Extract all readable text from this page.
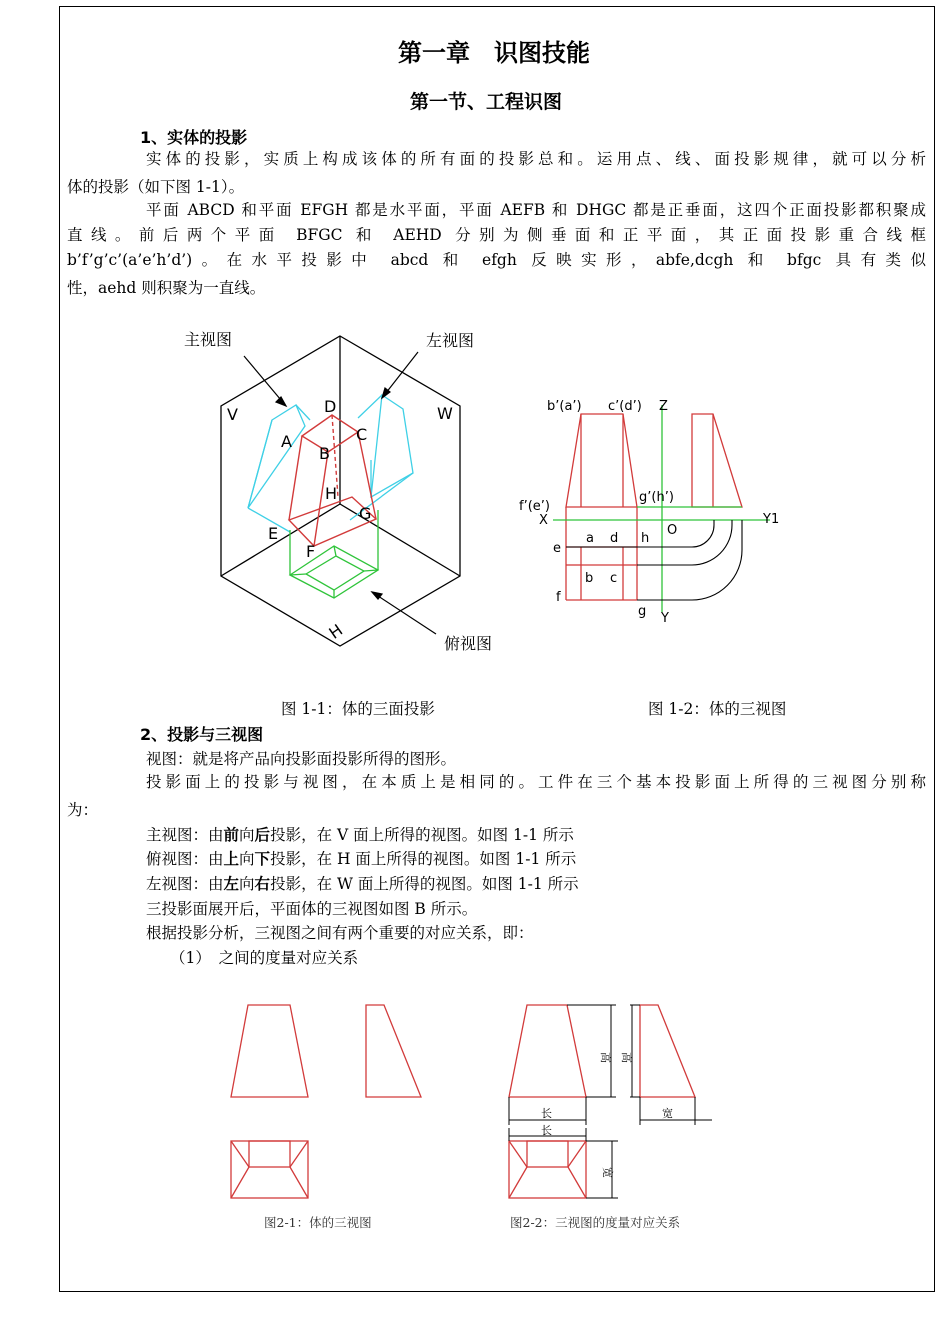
第一章　识图技能
第一节、工程识图
1、实体的投影
实体的投影，实质上构成该体的所有面的投影总和。运用点、线、面投影规律，就可以分析
体的投影（如下图 1-1）。
平面 ABCD 和平面 EFGH 都是水平面，平面 AEFB 和 DHGC 都是正垂面，这四个正面投影都积聚成
直线。前后两个平面 BFGC 和 AEHD 分别为侧垂面和正平面，其正面投影重合线框
b’f’g’c’(a’e’h’d’)。在水平投影中 abcd 和 efgh 反映实形，abfe,dcgh 和 bfgc 具有类似
性，aehd 则积聚为一直线。
主视图	左视图
俯视图
V	W
H
A
B
C
D
E
F
G
H
b’(a’) c’(d’) Z
f’(e’)
g’(h’)
X	Y1
O
e
a d h
b c
f
g Y
图 1-1：体的三面投影	图 1-2：体的三视图
2、投影与三视图
视图：就是将产品向投影面投影所得的图形。
投影面上的投影与视图，在本质上是相同的。工件在三个基本投影面上所得的三视图分别称
为：
主视图：由前向后投影，在 V 面上所得的视图。如图 1-1 所示
俯视图：由上向下投影，在 H 面上所得的视图。如图 1-1 所示
左视图：由左向右投影，在 W 面上所得的视图。如图 1-1 所示
三投影面展开后，平面体的三视图如图 B 所示。
根据投影分析，三视图之间有两个重要的对应关系，即：
（1）　之间的度量对应关系
高 高
长
长
宽
宽
图2-1：体的三视图	图2-2：三视图的度量对应关系
